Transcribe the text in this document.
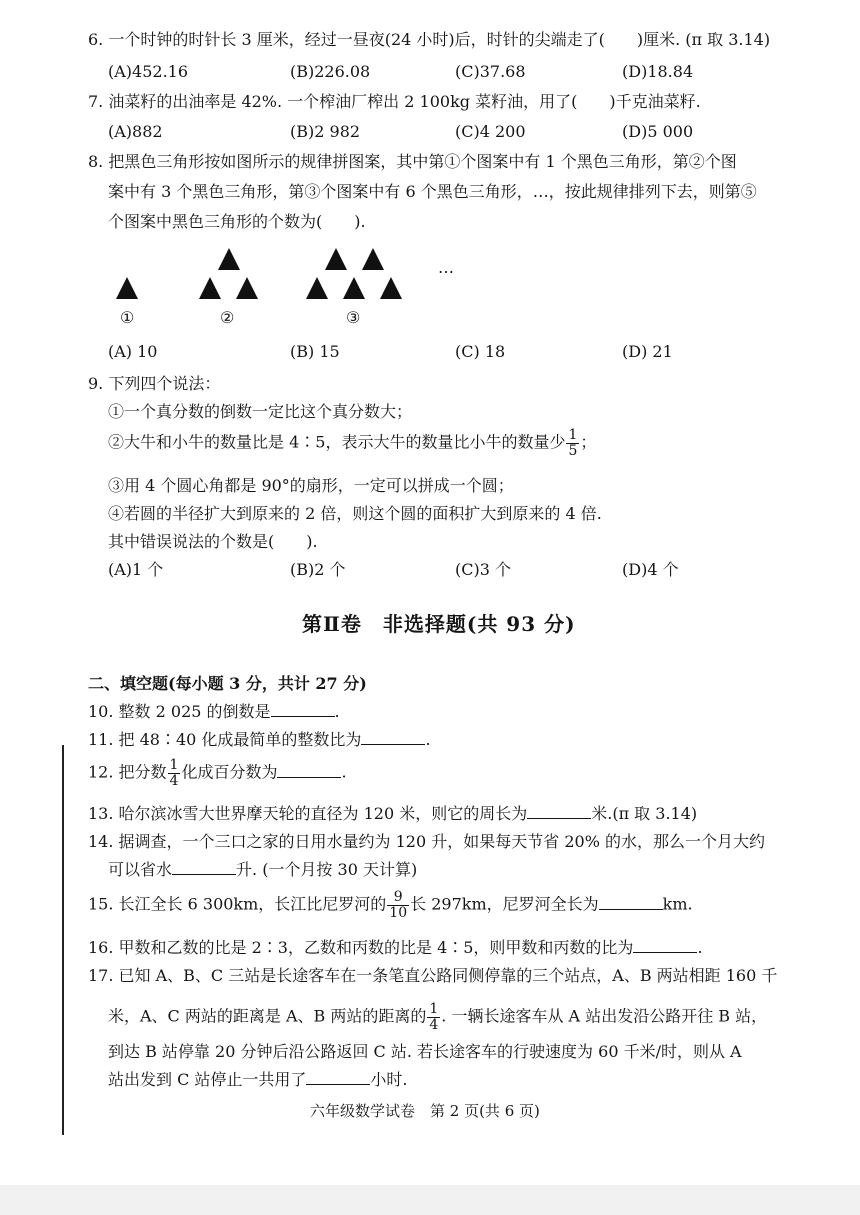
6. 一个时钟的时针长 3 厘米，经过一昼夜(24 小时)后，时针的尖端走了(　　)厘米. (π 取 3.14)
(A)452.16	(B)226.08	(C)37.68	(D)18.84
7. 油菜籽的出油率是 42%. 一个榨油厂榨出 2 100kg 菜籽油，用了(　　)千克油菜籽.
(A)882	(B)2 982	(C)4 200	(D)5 000
8. 把黑色三角形按如图所示的规律拼图案，其中第①个图案中有 1 个黑色三角形，第②个图
案中有 3 个黑色三角形，第③个图案中有 6 个黑色三角形，…，按此规律排列下去，则第⑤
个图案中黑色三角形的个数为(　　).
①	②	③
…
(A) 10	(B) 15	(C) 18	(D) 21
9. 下列四个说法：
①一个真分数的倒数一定比这个真分数大；
②大牛和小牛的数量比是 4∶5，表示大牛的数量比小牛的数量少 $\frac{1}{5}$ ；
③用 4 个圆心角都是 90°的扇形，一定可以拼成一个圆；
④若圆的半径扩大到原来的 2 倍，则这个圆的面积扩大到原来的 4 倍.
其中错误说法的个数是(　　).
(A)1 个	(B)2 个	(C)3 个	(D)4 个
第Ⅱ卷　非选择题(共 93 分)
二、填空题(每小题 3 分，共计 27 分)
10. 整数 2 025 的倒数是	.
11. 把 48∶40 化成最简单的整数比为	.
12. 把分数 $\frac{1}{4}$ 化成百分数为	.
13. 哈尔滨冰雪大世界摩天轮的直径为 120 米，则它的周长为	米.(π 取 3.14)
14. 据调查，一个三口之家的日用水量约为 120 升，如果每天节省 20% 的水，那么一个月大约
可以省水	升. (一个月按 30 天计算)
15. 长江全长 6 300km，长江比尼罗河的 $\frac{9}{10}$ 长 297km，尼罗河全长为	km.
16. 甲数和乙数的比是 2∶3，乙数和丙数的比是 4∶5，则甲数和丙数的比为	.
17. 已知 A、B、C 三站是长途客车在一条笔直公路同侧停靠的三个站点，A、B 两站相距 160 千
米，A、C 两站的距离是 A、B 两站的距离的 $\frac{1}{4}$ . 一辆长途客车从 A 站出发沿公路开往 B 站，
到达 B 站停靠 20 分钟后沿公路返回 C 站. 若长途客车的行驶速度为 60 千米/时，则从 A
站出发到 C 站停止一共用了	小时.
六年级数学试卷　第 2 页(共 6 页)
